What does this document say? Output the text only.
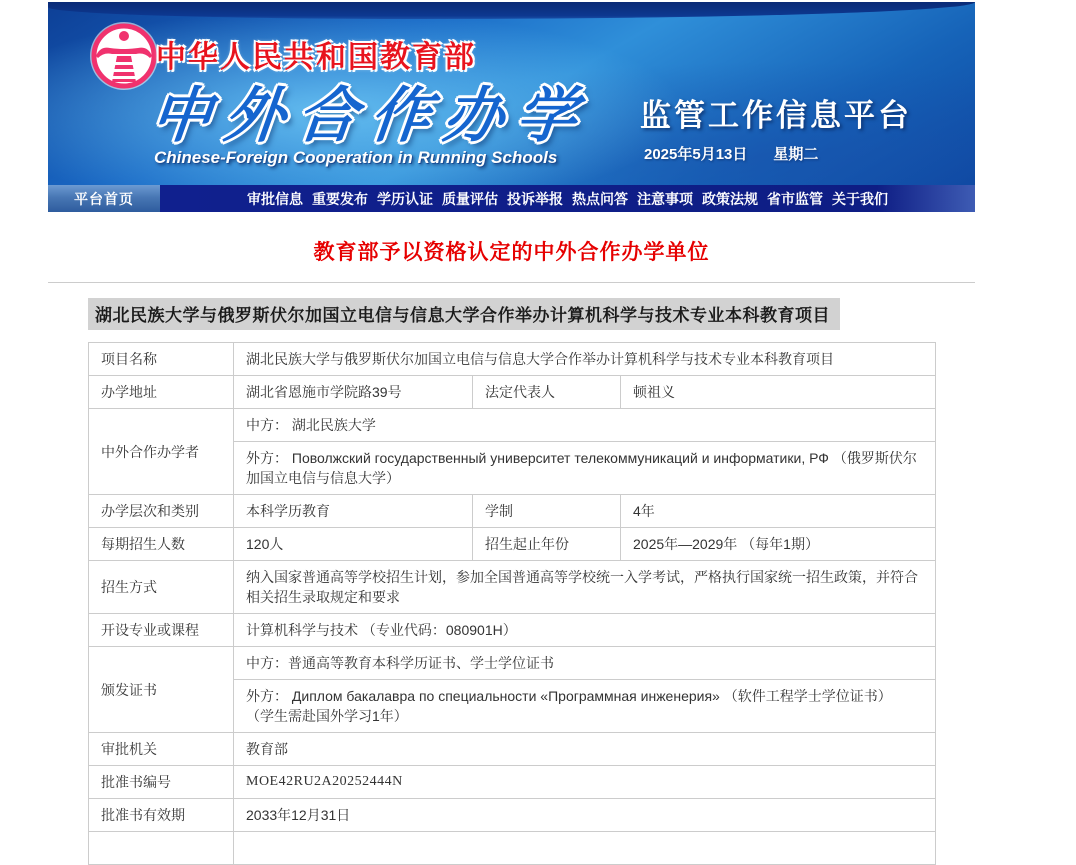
中华人民共和国教育部
中外合作办学
Chinese-Foreign Cooperation in Running Schools
监管工作信息平台
2025年5月13日 星期二
平台首页	审批信息 重要发布 学历认证 质量评估 投诉举报 热点问答 注意事项 政策法规 省市监管 关于我们
教育部予以资格认定的中外合作办学单位
湖北民族大学与俄罗斯伏尔加国立电信与信息大学合作举办计算机科学与技术专业本科教育项目
项目名称	湖北民族大学与俄罗斯伏尔加国立电信与信息大学合作举办计算机科学与技术专业本科教育项目		
办学地址	湖北省恩施市学院路39号	法定代表人	顿祖义
中外合作办学者	中方： 湖北民族大学		
	外方： Поволжский государственный университет телекоммуникаций и информатики, РФ （俄罗斯伏尔加国立电信与信息大学）		
办学层次和类别	本科学历教育	学制	4年
每期招生人数	120人	招生起止年份	2025年—2029年 （每年1期）
招生方式	纳入国家普通高等学校招生计划，参加全国普通高等学校统一入学考试，严格执行国家统一招生政策，并符合相关招生录取规定和要求		
开设专业或课程	计算机科学与技术 （专业代码：080901H）		
颁发证书	中方：普通高等教育本科学历证书、学士学位证书		
	外方： Диплом бакалавра по специальности «Программная инженерия» （软件工程学士学位证书） （学生需赴国外学习1年）		
审批机关	教育部		
批准书编号	MOE42RU2A20252444N		
批准书有效期	2033年12月31日		
